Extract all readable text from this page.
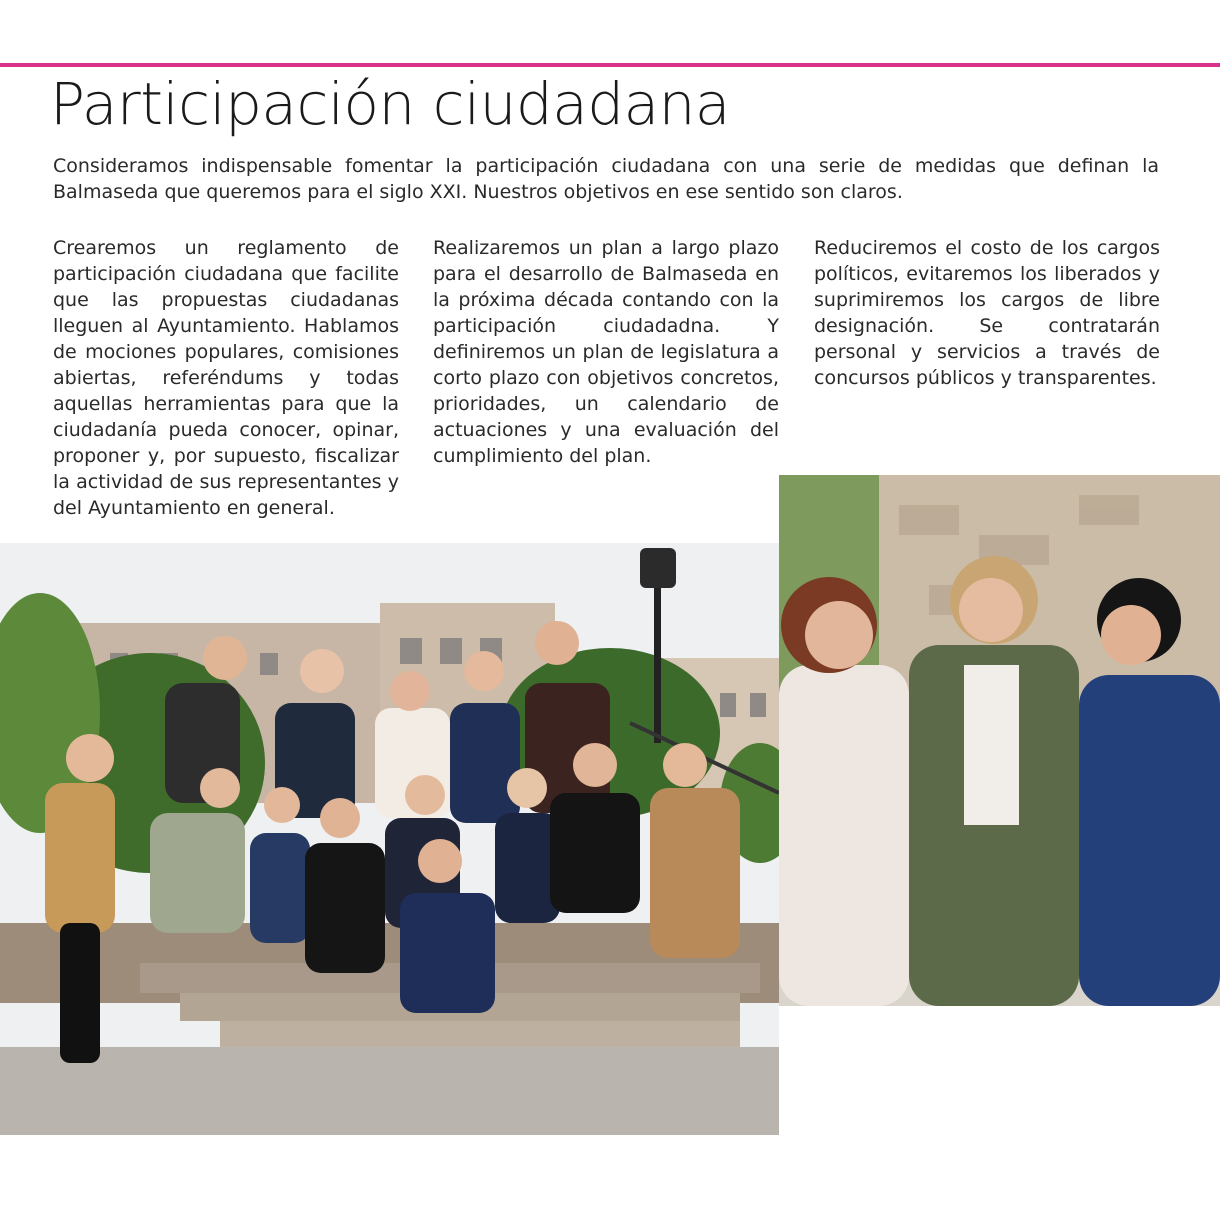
Participación ciudadana

Consideramos indispensable fomentar la participación ciudadana con una serie de medidas que definan la Balmaseda que queremos para el siglo XXI. Nuestros objetivos en ese sentido son claros.

Crearemos un reglamento de participación ciudadana que facilite que las propuestas ciudadanas lleguen al Ayuntamiento. Hablamos de mociones populares, comisiones abiertas, referéndums y todas aquellas herramientas para que la ciudadanía pueda conocer, opinar, proponer y, por supuesto, fiscalizar la actividad de sus representantes y del Ayuntamiento en general.

Realizaremos un plan a largo plazo para el desarrollo de Balmaseda en la próxima década contando con la participación ciudadadna. Y definiremos un plan de legislatura a corto plazo con objetivos concretos, prioridades, un calendario de actuaciones y una evaluación del cumplimiento del plan.

Reduciremos el costo de los cargos políticos, evitaremos los liberados y suprimiremos los cargos de libre designación. Se contratarán personal y servicios a través de concursos públicos y transparentes.
